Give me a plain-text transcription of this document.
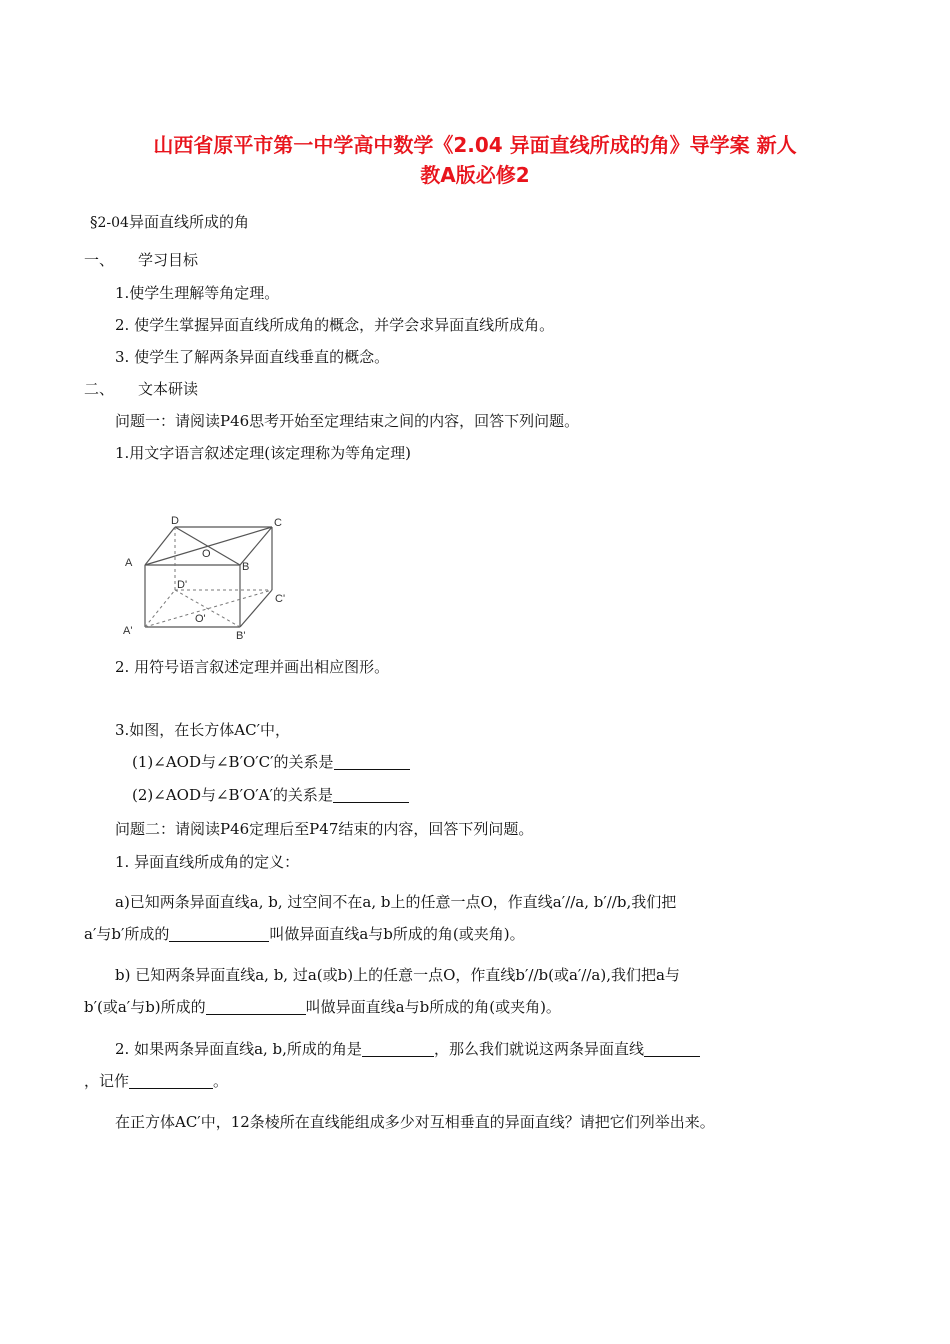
山西省原平市第一中学高中数学《2.04 异面直线所成的角》导学案 新人
教A版必修2
§2-04异面直线所成的角
一、 学习目标
1.使学生理解等角定理。
2. 使学生掌握异面直线所成角的概念，并学会求异面直线所成角。
3. 使学生了解两条异面直线垂直的概念。
二、 文本研读
问题一：请阅读P46思考开始至定理结束之间的内容，回答下列问题。
1.用文字语言叙述定理(该定理称为等角定理)
D	C
A
O
B
D'
C'
O'
A'	B'
2. 用符号语言叙述定理并画出相应图形。
3.如图，在长方体AC′中，
(1)∠AOD与∠B′O′C′的关系是
(2)∠AOD与∠B′O′A′的关系是
问题二：请阅读P46定理后至P47结束的内容，回答下列问题。
1. 异面直线所成角的定义：
a)已知两条异面直线a, b, 过空间不在a, b上的任意一点O，作直线a′//a, b′//b,我们把
a′与b′所成的	叫做异面直线a与b所成的角(或夹角)。
b) 已知两条异面直线a, b, 过a(或b)上的任意一点O，作直线b′//b(或a′//a),我们把a与
b′(或a′与b)所成的	叫做异面直线a与b所成的角(或夹角)。
2. 如果两条异面直线a, b,所成的角是	，那么我们就说这两条异面直线
，记作	。
在正方体AC′中，12条棱所在直线能组成多少对互相垂直的异面直线？请把它们列举出来。
